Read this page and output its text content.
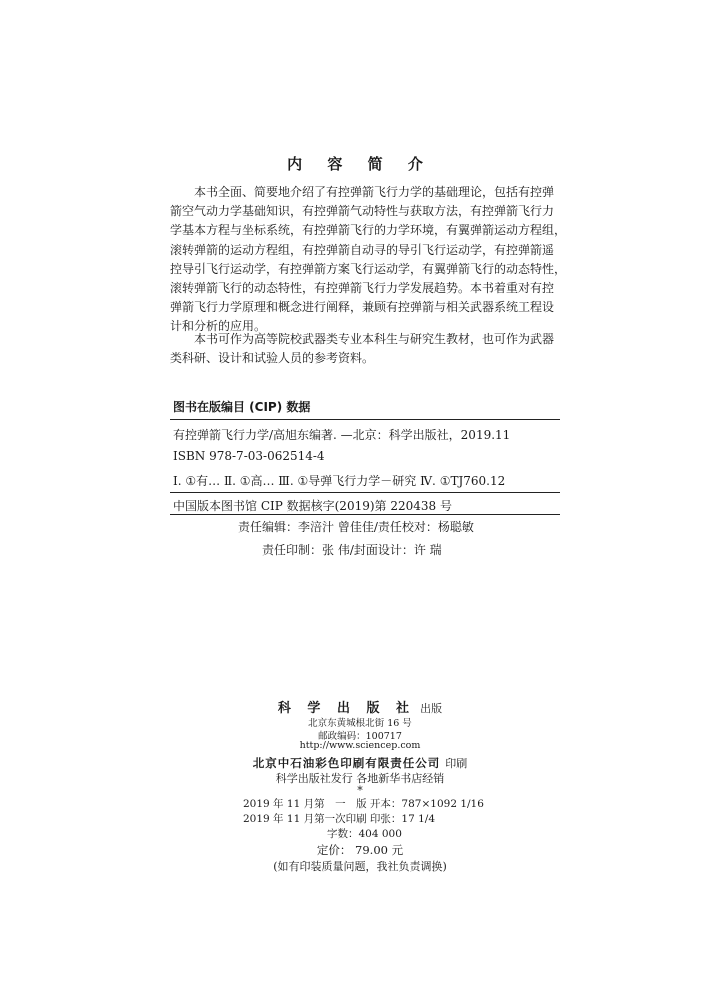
内 容 简 介
本书全面、简要地介绍了有控弹箭飞行力学的基础理论，包括有控弹
箭空气动力学基础知识，有控弹箭气动特性与获取方法，有控弹箭飞行力
学基本方程与坐标系统，有控弹箭飞行的力学环境，有翼弹箭运动方程组，
滚转弹箭的运动方程组，有控弹箭自动寻的导引飞行运动学，有控弹箭遥
控导引飞行运动学，有控弹箭方案飞行运动学，有翼弹箭飞行的动态特性，
滚转弹箭飞行的动态特性，有控弹箭飞行力学发展趋势。本书着重对有控
弹箭飞行力学原理和概念进行阐释，兼顾有控弹箭与相关武器系统工程设
计和分析的应用。
本书可作为高等院校武器类专业本科生与研究生教材，也可作为武器
类科研、设计和试验人员的参考资料。
图书在版编目 (CIP) 数据
有控弹箭飞行力学/高旭东编著. —北京：科学出版社，2019.11
ISBN 978-7-03-062514-4
Ⅰ. ①有… Ⅱ. ①高… Ⅲ. ①导弹飞行力学－研究 Ⅳ. ①TJ760.12
中国版本图书馆 CIP 数据核字(2019)第 220438 号
责任编辑：李涪汁 曾佳佳/责任校对：杨聪敏
责任印制：张 伟/封面设计：许 瑞
科 学 出 版 社 出版
北京东黄城根北街 16 号
邮政编码：100717
http://www.sciencep.com
北京中石油彩色印刷有限责任公司 印刷
科学出版社发行 各地新华书店经销
*
2019 年 11 月第　一　版 开本：787×1092 1/16
2019 年 11 月第一次印刷 印张：17 1/4
字数：404 000
定价： 79.00 元
(如有印装质量问题，我社负责调换)
